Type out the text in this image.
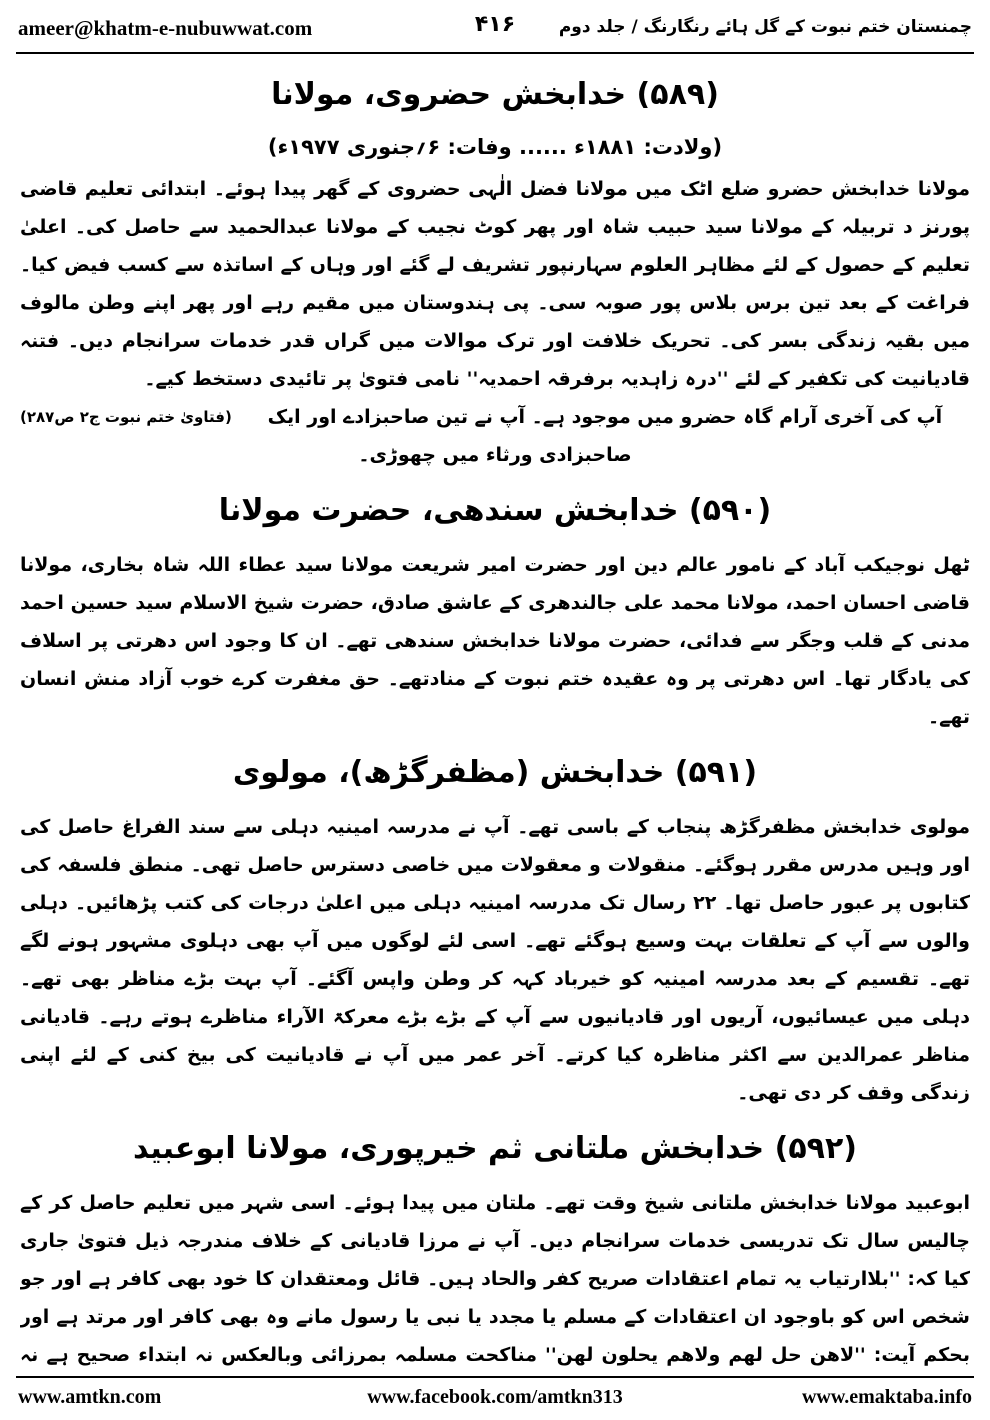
ameer@khatm-e-nubuwwat.com	۴۱۶	چمنستان ختم نبوت کے گل ہائے رنگارنگ / جلد دوم
(۵۸۹) خدابخش حضروی، مولانا
(ولادت: ۱۸۸۱ء ...... وفات: ۶؍جنوری ۱۹۷۷ء)

مولانا خدابخش حضرو ضلع اٹک میں مولانا فضل الٰہی حضروی کے گھر پیدا ہوئے۔ ابتدائی تعلیم قاضی پورنز د تربیلہ کے مولانا سید حبیب شاہ اور پھر کوٹ نجیب کے مولانا عبدالحمید سے حاصل کی۔ اعلیٰ تعلیم کے حصول کے لئے مظاہر العلوم سہارنپور تشریف لے گئے اور وہاں کے اساتذہ سے کسب فیض کیا۔ فراغت کے بعد تین برس بلاس پور صوبہ سی۔ پی ہندوستان میں مقیم رہے اور پھر اپنے وطن مالوف میں بقیہ زندگی بسر کی۔ تحریک خلافت اور ترک موالات میں گراں قدر خدمات سرانجام دیں۔ فتنہ قادیانیت کی تکفیر کے لئے ''درہ زاہدیہ برفرقہ احمدیہ'' نامی فتویٰ پر تائیدی دستخط کیے۔
(فتاویٰ ختم نبوت ج۲ ص۲۸۷)	آپ کی آخری آرام گاہ حضرو میں موجود ہے۔ آپ نے تین صاحبزادے اور ایک صاحبزادی ورثاء میں چھوڑی۔

(۵۹۰) خدابخش سندھی، حضرت مولانا

ٹھل نوجیکب آباد کے نامور عالم دین اور حضرت امیر شریعت مولانا سید عطاء اللہ شاہ بخاری، مولانا قاضی احسان احمد، مولانا محمد علی جالندھری کے عاشق صادق، حضرت شیخ الاسلام سید حسین احمد مدنی کے قلب وجگر سے فدائی، حضرت مولانا خدابخش سندھی تھے۔ ان کا وجود اس دھرتی پر اسلاف کی یادگار تھا۔ اس دھرتی پر وہ عقیدہ ختم نبوت کے منادتھے۔ حق مغفرت کرے خوب آزاد منش انسان تھے۔

(۵۹۱) خدابخش (مظفرگڑھ)، مولوی

مولوی خدابخش مظفرگڑھ پنجاب کے باسی تھے۔ آپ نے مدرسہ امینیہ دہلی سے سند الفراغ حاصل کی اور وہیں مدرس مقرر ہوگئے۔ منقولات و معقولات میں خاصی دسترس حاصل تھی۔ منطق فلسفہ کی کتابوں پر عبور حاصل تھا۔ ۲۲ رسال تک مدرسہ امینیہ دہلی میں اعلیٰ درجات کی کتب پڑھائیں۔ دہلی والوں سے آپ کے تعلقات بہت وسیع ہوگئے تھے۔ اسی لئے لوگوں میں آپ بھی دہلوی مشہور ہونے لگے تھے۔ تقسیم کے بعد مدرسہ امینیہ کو خیرباد کہہ کر وطن واپس آگئے۔ آپ بہت بڑے مناظر بھی تھے۔ دہلی میں عیسائیوں، آریوں اور قادیانیوں سے آپ کے بڑے بڑے معرکۃ الآراء مناظرے ہوتے رہے۔ قادیانی مناظر عمرالدین سے اکثر مناظرہ کیا کرتے۔ آخر عمر میں آپ نے قادیانیت کی بیخ کنی کے لئے اپنی زندگی وقف کر دی تھی۔

(۵۹۲) خدابخش ملتانی ثم خیرپوری، مولانا ابوعبید

ابوعبید مولانا خدابخش ملتانی شیخ وقت تھے۔ ملتان میں پیدا ہوئے۔ اسی شہر میں تعلیم حاصل کر کے چالیس سال تک تدریسی خدمات سرانجام دیں۔ آپ نے مرزا قادیانی کے خلاف مندرجہ ذیل فتویٰ جاری کیا کہ: ''بلاارتیاب یہ تمام اعتقادات صریح کفر والحاد ہیں۔ قائل ومعتقدان کا خود بھی کافر ہے اور جو شخص اس کو باوجود ان اعتقادات کے مسلم یا مجدد یا نبی یا رسول مانے وہ بھی کافر اور مرتد ہے اور بحکم آیت: ''لاھن حل لھم ولاھم یحلون لھن'' مناکحت مسلمہ بمرزائی وبالعکس نہ ابتداء صحیح ہے نہ

www.amtkn.com	www.facebook.com/amtkn313	www.emaktaba.info
